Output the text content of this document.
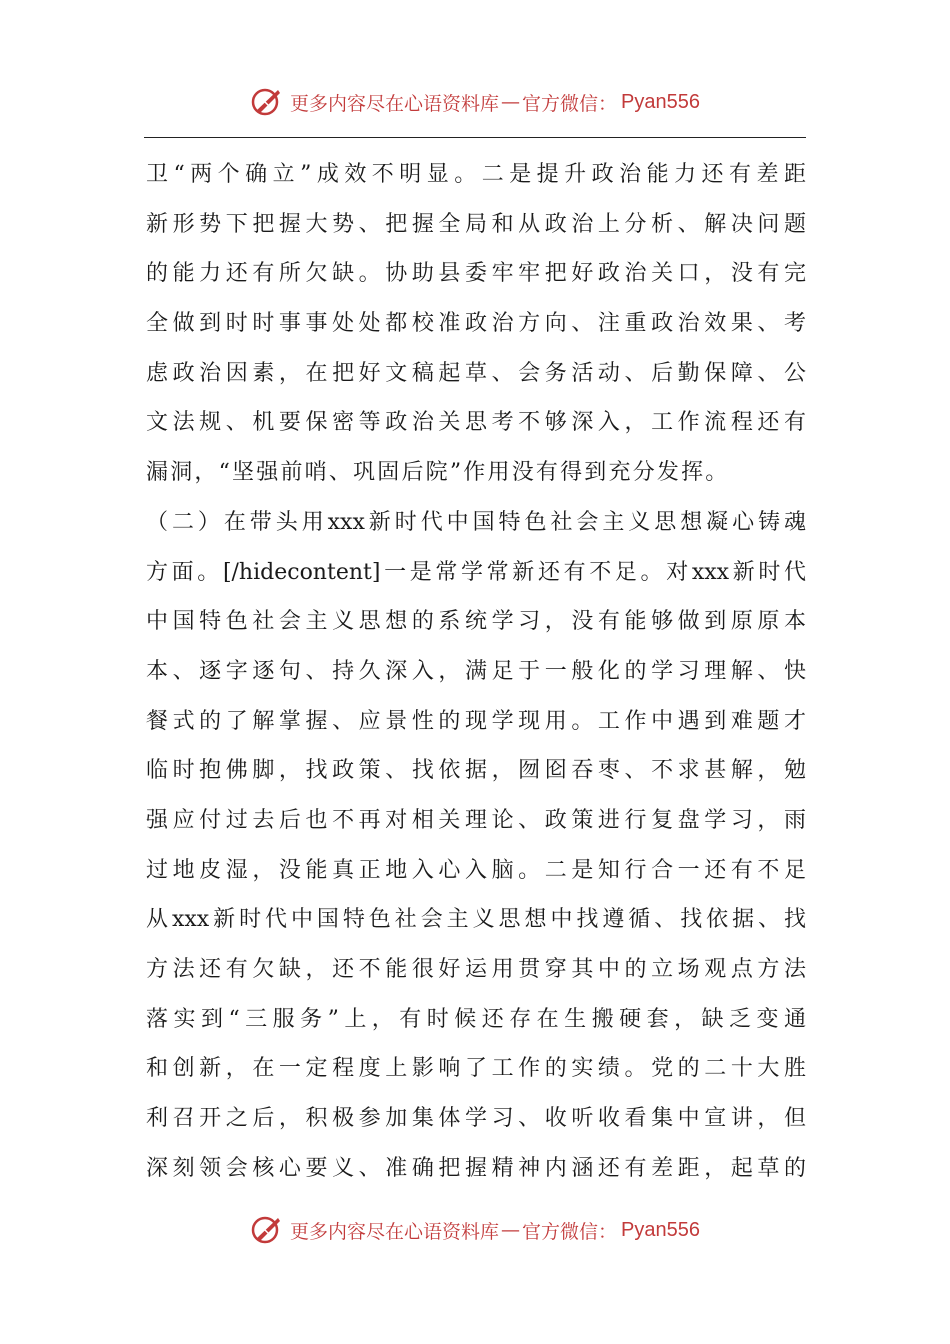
更多内容尽在心语资料库 — 官方微信： Pyan556
卫“两个确立”成效不明显。二是提升政治能力还有差距
新形势下把握大势、把握全局和从政治上分析、解决问题
的能力还有所欠缺。协助县委牢牢把好政治关口，没有完
全做到时时事事处处都校准政治方向、注重政治效果、考
虑政治因素，在把好文稿起草、会务活动、后勤保障、公
文法规、机要保密等政治关思考不够深入，工作流程还有
漏洞，“坚强前哨、巩固后院”作用没有得到充分发挥。
（二）在带头用xxx新时代中国特色社会主义思想凝心铸魂
方面。[/hidecontent]一是常学常新还有不足。对xxx新时代
中国特色社会主义思想的系统学习，没有能够做到原原本
本、逐字逐句、持久深入，满足于一般化的学习理解、快
餐式的了解掌握、应景性的现学现用。工作中遇到难题才
临时抱佛脚，找政策、找依据，囫囵吞枣、不求甚解，勉
强应付过去后也不再对相关理论、政策进行复盘学习，雨
过地皮湿，没能真正地入心入脑。二是知行合一还有不足
从xxx新时代中国特色社会主义思想中找遵循、找依据、找
方法还有欠缺，还不能很好运用贯穿其中的立场观点方法
落实到“三服务”上，有时候还存在生搬硬套，缺乏变通
和创新，在一定程度上影响了工作的实绩。党的二十大胜
利召开之后，积极参加集体学习、收听收看集中宣讲，但
深刻领会核心要义、准确把握精神内涵还有差距，起草的
更多内容尽在心语资料库 — 官方微信： Pyan556
